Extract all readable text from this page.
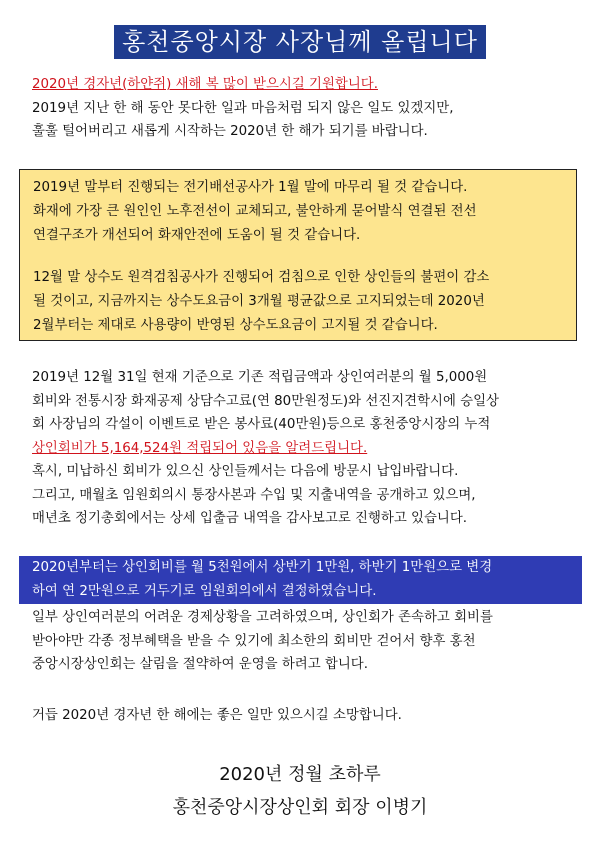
홍천중앙시장 사장님께 올립니다
2020년 경자년(하얀쥐) 새해 복 많이 받으시길 기원합니다.
2019년 지난 한 해 동안 못다한 일과 마음처럼 되지 않은 일도 있겠지만,
훌훌 털어버리고 새롭게 시작하는 2020년 한 해가 되기를 바랍니다.
2019년 말부터 진행되는 전기배선공사가 1월 말에 마무리 될 것 같습니다.
화재에 가장 큰 원인인 노후전선이 교체되고, 불안하게 묻어발식 연결된 전선
연결구조가 개선되어 화재안전에 도움이 될 것 같습니다.
12월 말 상수도 원격검침공사가 진행되어 검침으로 인한 상인들의 불편이 감소
될 것이고, 지금까지는 상수도요금이 3개월 평균값으로 고지되었는데 2020년
2월부터는 제대로 사용량이 반영된 상수도요금이 고지될 것 같습니다.
2019년 12월 31일 현재 기준으로 기존 적립금액과 상인여러분의 월 5,000원
회비와 전통시장 화재공제 상담수고료(연 80만원정도)와 선진지견학시에 승일상
회 사장님의 각설이 이벤트로 받은 봉사료(40만원)등으로 홍천중앙시장의 누적
상인회비가 5,164,524원 적립되어 있음을 알려드립니다.
혹시, 미납하신 회비가 있으신 상인들께서는 다음에 방문시 납입바랍니다.
그리고, 매월초 임원회의시 통장사본과 수입 및 지출내역을 공개하고 있으며,
매년초 정기총회에서는 상세 입출금 내역을 감사보고로 진행하고 있습니다.
2020년부터는 상인회비를 월 5천원에서 상반기 1만원, 하반기 1만원으로 변경
하여 연 2만원으로 거두기로 임원회의에서 결정하였습니다.
일부 상인여러분의 어려운 경제상황을 고려하였으며, 상인회가 존속하고 회비를
받아야만 각종 정부혜택을 받을 수 있기에 최소한의 회비만 걷어서 향후 홍천
중앙시장상인회는 살림을 절약하여 운영을 하려고 합니다.
거듭 2020년 경자년 한 해에는 좋은 일만 있으시길 소망합니다.
2020년 정월 초하루
홍천중앙시장상인회 회장 이병기
